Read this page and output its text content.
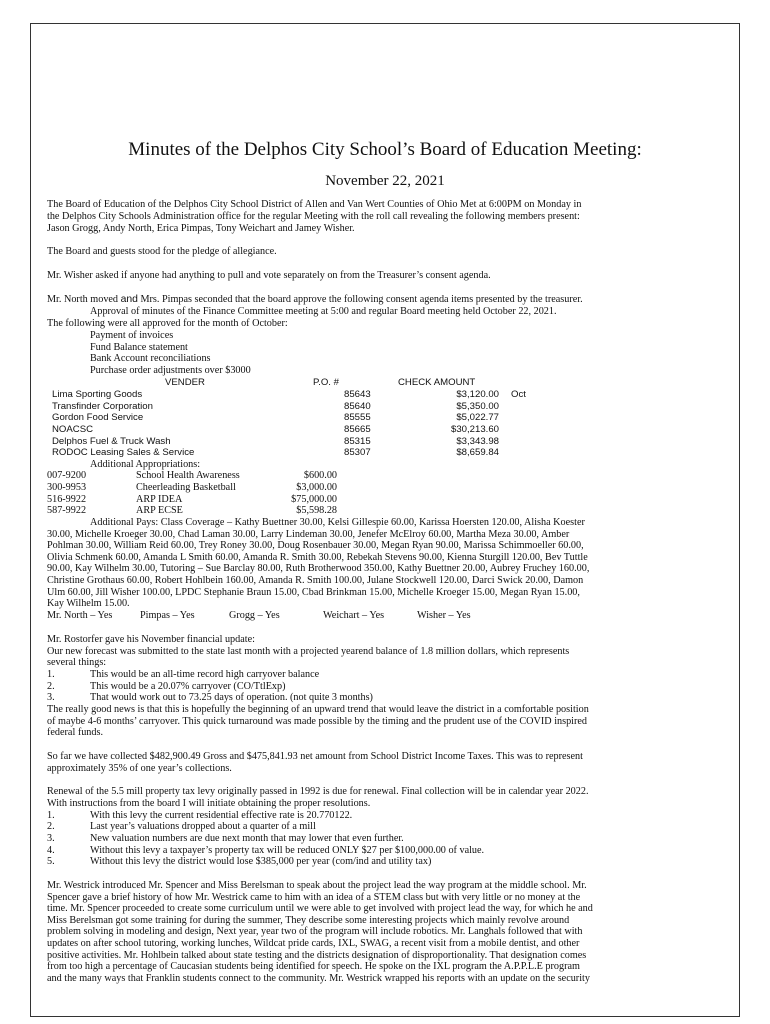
Minutes of the Delphos City School’s Board of Education Meeting:
November 22, 2021
The Board of Education of the Delphos City School District of Allen and Van Wert Counties of Ohio Met at 6:00PM on Monday in
the Delphos City Schools Administration office for the regular Meeting with the roll call revealing the following members present:
Jason Grogg, Andy North, Erica Pimpas, Tony Weichart and Jamey Wisher.
The Board and guests stood for the pledge of allegiance.
Mr. Wisher asked if anyone had anything to pull and vote separately on from the Treasurer’s consent agenda.
Mr. North moved and Mrs. Pimpas seconded that the board approve the following consent agenda items presented by the treasurer.
Approval of minutes of the Finance Committee meeting at 5:00 and regular Board meeting held October 22, 2021.
The following were all approved for the month of October:
Payment of invoices
Fund Balance statement
Bank Account reconciliations
Purchase order adjustments over $3000
VENDER	P.O. #	CHECK AMOUNT
Lima Sporting Goods	85643	$3,120.00 Oct
Transfinder Corporation	85640	$5,350.00
Gordon Food Service	85555	$5,022.77
NOACSC	85665	$30,213.60
Delphos Fuel & Truck Wash	85315	$3,343.98
RODOC Leasing Sales & Service	85307	$8,659.84
Additional Appropriations:
007-9200	School Health Awareness	$600.00
300-9953	Cheerleading Basketball	$3,000.00
516-9922	ARP IDEA	$75,000.00
587-9922	ARP ECSE	$5,598.28
Additional Pays: Class Coverage – Kathy Buettner 30.00, Kelsi Gillespie 60.00, Karissa Hoersten 120.00, Alisha Koester
30.00, Michelle Kroeger 30.00, Chad Laman 30.00, Larry Lindeman 30.00, Jenefer McElroy 60.00, Martha Meza 30.00, Amber
Pohlman 30.00, William Reid 60.00, Trey Roney 30.00, Doug Rosenbauer 30.00, Megan Ryan 90.00, Marissa Schimmoeller 60.00,
Olivia Schmenk 60.00, Amanda L Smith 60.00, Amanda R. Smith 30.00, Rebekah Stevens 90.00, Kienna Sturgill 120.00, Bev Tuttle
90.00, Kay Wilhelm 30.00, Tutoring – Sue Barclay 80.00, Ruth Brotherwood 350.00, Kathy Buettner 20.00, Aubrey Fruchey 160.00,
Christine Grothaus 60.00, Robert Hohlbein 160.00, Amanda R. Smith 100.00, Julane Stockwell 120.00, Darci Swick 20.00, Damon
Ulm 60.00, Jill Wisher 100.00, LPDC Stephanie Braun 15.00, Cbad Brinkman 15.00, Michelle Kroeger 15.00, Megan Ryan 15.00,
Kay Wilhelm 15.00.
Mr. North – Yes	Pimpas – Yes	Grogg – Yes	Weichart – Yes	Wisher – Yes
Mr. Rostorfer gave his November financial update:
Our new forecast was submitted to the state last month with a projected yearend balance of 1.8 million dollars, which represents
several things:
1.	This would be an all-time record high carryover balance
2.	This would be a 20.07% carryover (CO/TtlExp)
3.	That would work out to 73.25 days of operation. (not quite 3 months)
The really good news is that this is hopefully the beginning of an upward trend that would leave the district in a comfortable position
of maybe 4-6 months’ carryover. This quick turnaround was made possible by the timing and the prudent use of the COVID inspired
federal funds.
So far we have collected $482,900.49 Gross and $475,841.93 net amount from School District Income Taxes. This was to represent
approximately 35% of one year’s collections.
Renewal of the 5.5 mill property tax levy originally passed in 1992 is due for renewal. Final collection will be in calendar year 2022.
With instructions from the board I will initiate obtaining the proper resolutions.
1.	With this levy the current residential effective rate is 20.770122.
2.	Last year’s valuations dropped about a quarter of a mill
3.	New valuation numbers are due next month that may lower that even further.
4.	Without this levy a taxpayer’s property tax will be reduced ONLY $27 per $100,000.00 of value.
5.	Without this levy the district would lose $385,000 per year (com/ind and utility tax)
Mr. Westrick introduced Mr. Spencer and Miss Berelsman to speak about the project lead the way program at the middle school. Mr.
Spencer gave a brief history of how Mr. Westrick came to him with an idea of a STEM class but with very little or no money at the
time. Mr. Spencer proceeded to create some curriculum until we were able to get involved with project lead the way, for which he and
Miss Berelsman got some training for during the summer, They describe some interesting projects which mainly revolve around
problem solving in modeling and design, Next year, year two of the program will include robotics. Mr. Langhals followed that with
updates on after school tutoring, working lunches, Wildcat pride cards, IXL, SWAG, a recent visit from a mobile dentist, and other
positive activities. Mr. Hohlbein talked about state testing and the districts designation of disproportionality. That designation comes
from too high a percentage of Caucasian students being identified for speech. He spoke on the IXL program the A.P.P.L.E program
and the many ways that Franklin students connect to the community. Mr. Westrick wrapped his reports with an update on the security
